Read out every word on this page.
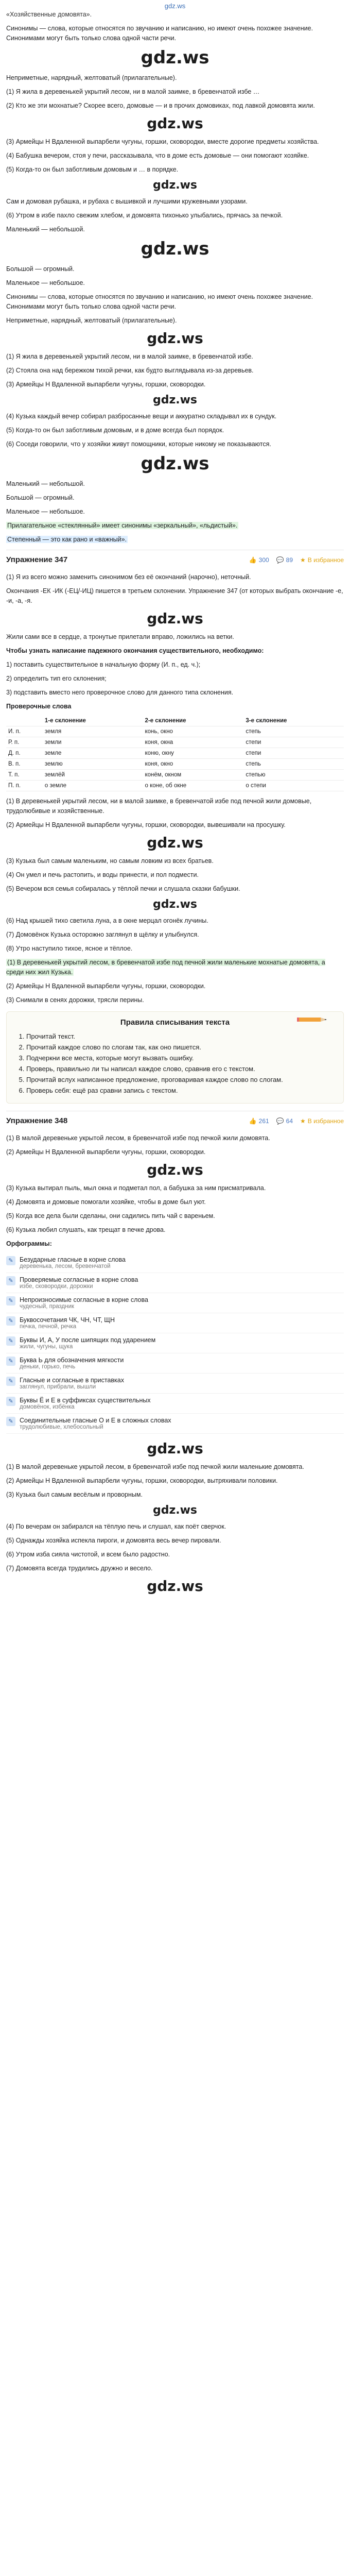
gdz.ws

«Хозяйственные домовята».

Синонимы — слова, которые относятся по звучанию и написанию, но имеют очень похожее значение. Синонимами могут быть только слова одной части речи.

gdz.ws

Неприметные, нарядный, желтоватый (прилагательные).

(1) Я жила в деревенькей укрытий лесом, ни в малой заимке, в бревенчатой избе …

(2) Кто же эти мохнатые? Скорее всего, домовые — и в прочих домовиках, под лавкой домовята жили.

gdz.ws

(3) Армейцы Н Вдаленной выпарбели чугуны, горшки, сковородки, вместе дорогие предметы хозяйства.

(4) Бабушка вечером, стоя у печи, рассказывала, что в доме есть домовые — они помогают хозяйке.

(5) Когда-то он был заботливым домовым и … в порядке.

gdz.ws

Сам и домовая рубашка, и рубаха с вышивкой и лучшими кружевными узорами.

(6) Утром в избе пахло свежим хлебом, и домовята тихонько улыбались, прячась за печкой.

Маленький — небольшой.

gdz.ws

Большой — огромный.

Маленькое — небольшое.

Синонимы — слова, которые относятся по звучанию и написанию, но имеют очень похожее значение. Синонимами могут быть только слова одной части речи.

Неприметные, нарядный, желтоватый (прилагательные).

gdz.ws

(1) Я жила в деревенькей укрытий лесом, ни в малой заимке, в бревенчатой избе.

(2) Стояла она над бережком тихой речки, как будто выглядывала из-за деревьев.

(3) Армейцы Н Вдаленной выпарбели чугуны, горшки, сковородки.

gdz.ws

(4) Кузька каждый вечер собирал разбросанные вещи и аккуратно складывал их в сундук.

(5) Когда-то он был заботливым домовым, и в доме всегда был порядок.

(6) Соседи говорили, что у хозяйки живут помощники, которые никому не показываются.

gdz.ws

Маленький — небольшой.

Большой — огромный.

Маленькое — небольшое.

Прилагательное «стеклянный» имеет синонимы «зеркальный», «льдистый».

Степенный — это как рано и «важный».

Упражнение 347	👍 300 💬 89 ★ В избранное

(1) Я из всего можно заменить синонимом без её окончаний (нарочно), неточный.

Окончания -ЕК -ИК (-ЕЦ/-ИЦ) пишется в третьем склонении. Упражнение 347 (от которых выбрать окончание -е, -и, -а, -я.

gdz.ws

Жили сами все в сердце, а тронутые прилетали вправо, ложились на ветки.

Чтобы узнать написание падежного окончания существительного, необходимо:

1) поставить существительное в начальную форму (И. п., ед. ч.);

2) определить тип его склонения;

3) подставить вместо него проверочное слово для данного типа склонения.

Проверочные слова

	1-е склонение	2-е склонение	3-е склонение
И. п.	земля	конь, окно	степь
Р. п.	земли	коня, окна	степи
Д. п.	земле	коню, окну	степи
В. п.	землю	коня, окно	степь
Т. п.	землёй	конём, окном	степью
П. п.	о земле	о коне, об окне	о степи

(1) В деревенькей укрытий лесом, ни в малой заимке, в бревенчатой избе под печной жили домовые, трудолюбивые и хозяйственные.

(2) Армейцы Н Вдаленной выпарбели чугуны, горшки, сковородки, вывешивали на просушку.

gdz.ws

(3) Кузька был самым маленьким, но самым ловким из всех братьев.

(4) Он умел и печь растопить, и воды принести, и пол подмести.

(5) Вечером вся семья собиралась у тёплой печки и слушала сказки бабушки.

gdz.ws

(6) Над крышей тихо светила луна, а в окне мерцал огонёк лучины.

(7) Домовёнок Кузька осторожно заглянул в щёлку и улыбнулся.

(8) Утро наступило тихое, ясное и тёплое.

(1) В деревенькей укрытий лесом, в бревенчатой избе под печной жили маленькие мохнатые домовята, а среди них жил Кузька.

(2) Армейцы Н Вдаленной выпарбели чугуны, горшки, сковородки.

(3) Снимали в сенях дорожки, трясли перины.

Правила списывания текста
1. Прочитай текст.
2. Прочитай каждое слово по слогам так, как оно пишется.
3. Подчеркни все места, которые могут вызвать ошибку.
4. Проверь, правильно ли ты написал каждое слово, сравнив его с текстом.
5. Прочитай вслух написанное предложение, проговаривая каждое слово по слогам.
6. Проверь себя: ещё раз сравни запись с текстом.
Упражнение 348	👍 261 💬 64 ★ В избранное

(1) В малой деревеньке укрытой лесом, в бревенчатой избе под печкой жили домовята.

(2) Армейцы Н Вдаленной выпарбели чугуны, горшки, сковородки.

gdz.ws

(3) Кузька вытирал пыль, мыл окна и подметал пол, а бабушка за ним присматривала.

(4) Домовята и домовые помогали хозяйке, чтобы в доме был уют.

(5) Когда все дела были сделаны, они садились пить чай с вареньем.

(6) Кузька любил слушать, как трещат в печке дрова.

Орфограммы:

✎ Безударные гласные в корне слова
деревенька, лесом, бревенчатой
✎ Проверяемые согласные в корне слова
избе, сковородки, дорожки
✎ Непроизносимые согласные в корне слова
чудесный, праздник
✎ Буквосочетания ЧК, ЧН, ЧТ, ЩН
печка, печной, речка
✎ Буквы И, А, У после шипящих под ударением
жили, чугуны, щука
✎ Буква Ь для обозначения мягкости
деньки, горько, печь
✎ Гласные и согласные в приставках
заглянул, прибрали, вышли
✎ Буквы Ё и Е в суффиксах существительных
домовёнок, избёнка
✎ Соединительные гласные О и Е в сложных словах
трудолюбивые, хлебосольный
gdz.ws

(1) В малой деревеньке укрытой лесом, в бревенчатой избе под печкой жили маленькие домовята.

(2) Армейцы Н Вдаленной выпарбели чугуны, горшки, сковородки, вытряхивали половики.

(3) Кузька был самым весёлым и проворным.

gdz.ws

(4) По вечерам он забирался на тёплую печь и слушал, как поёт сверчок.

(5) Однажды хозяйка испекла пироги, и домовята весь вечер пировали.

(6) Утром изба сияла чистотой, и всем было радостно.

(7) Домовята всегда трудились дружно и весело.

gdz.ws
